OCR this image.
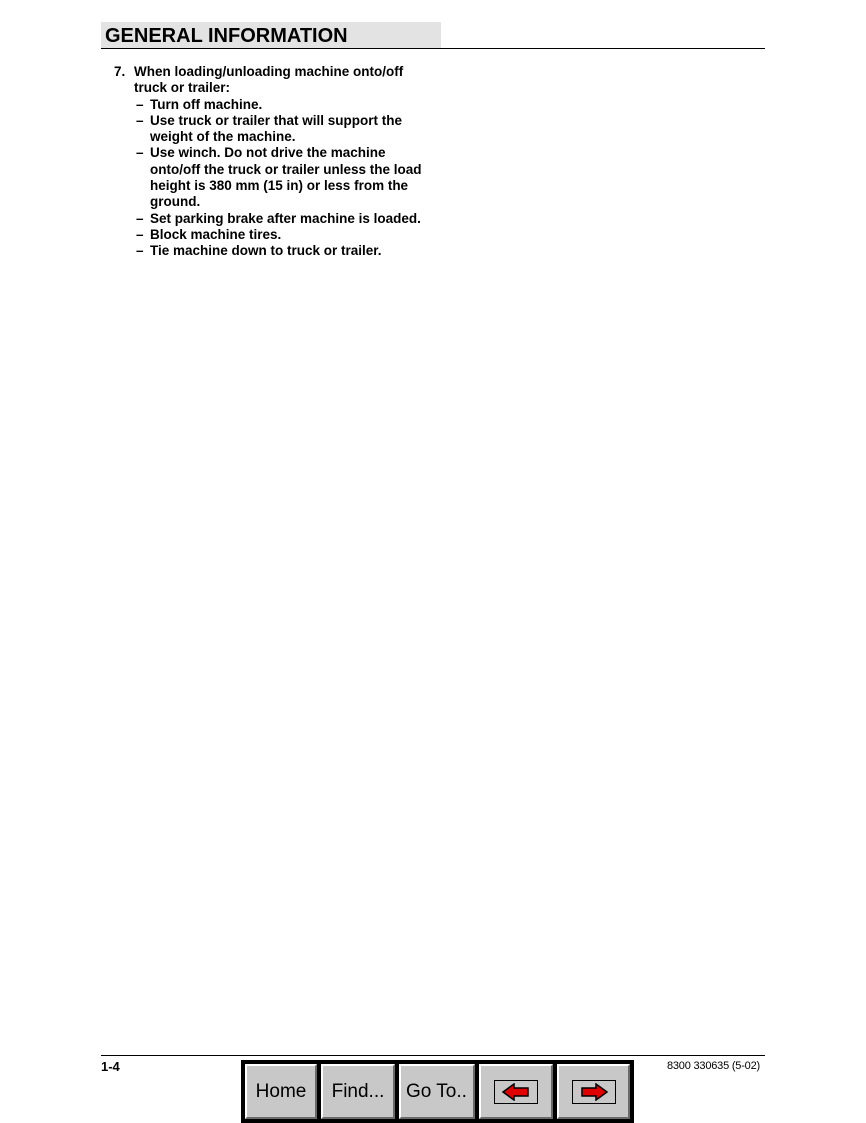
GENERAL INFORMATION
7. When loading/unloading machine onto/off truck or trailer:
– Turn off machine.
– Use truck or trailer that will support the weight of the machine.
– Use winch. Do not drive the machine onto/off the truck or trailer unless the load height is 380 mm (15 in) or less from the ground.
– Set parking brake after machine is loaded.
– Block machine tires.
– Tie machine down to truck or trailer.
1-4	8300 330635 (5-02)
Home	Find...	Go To..
